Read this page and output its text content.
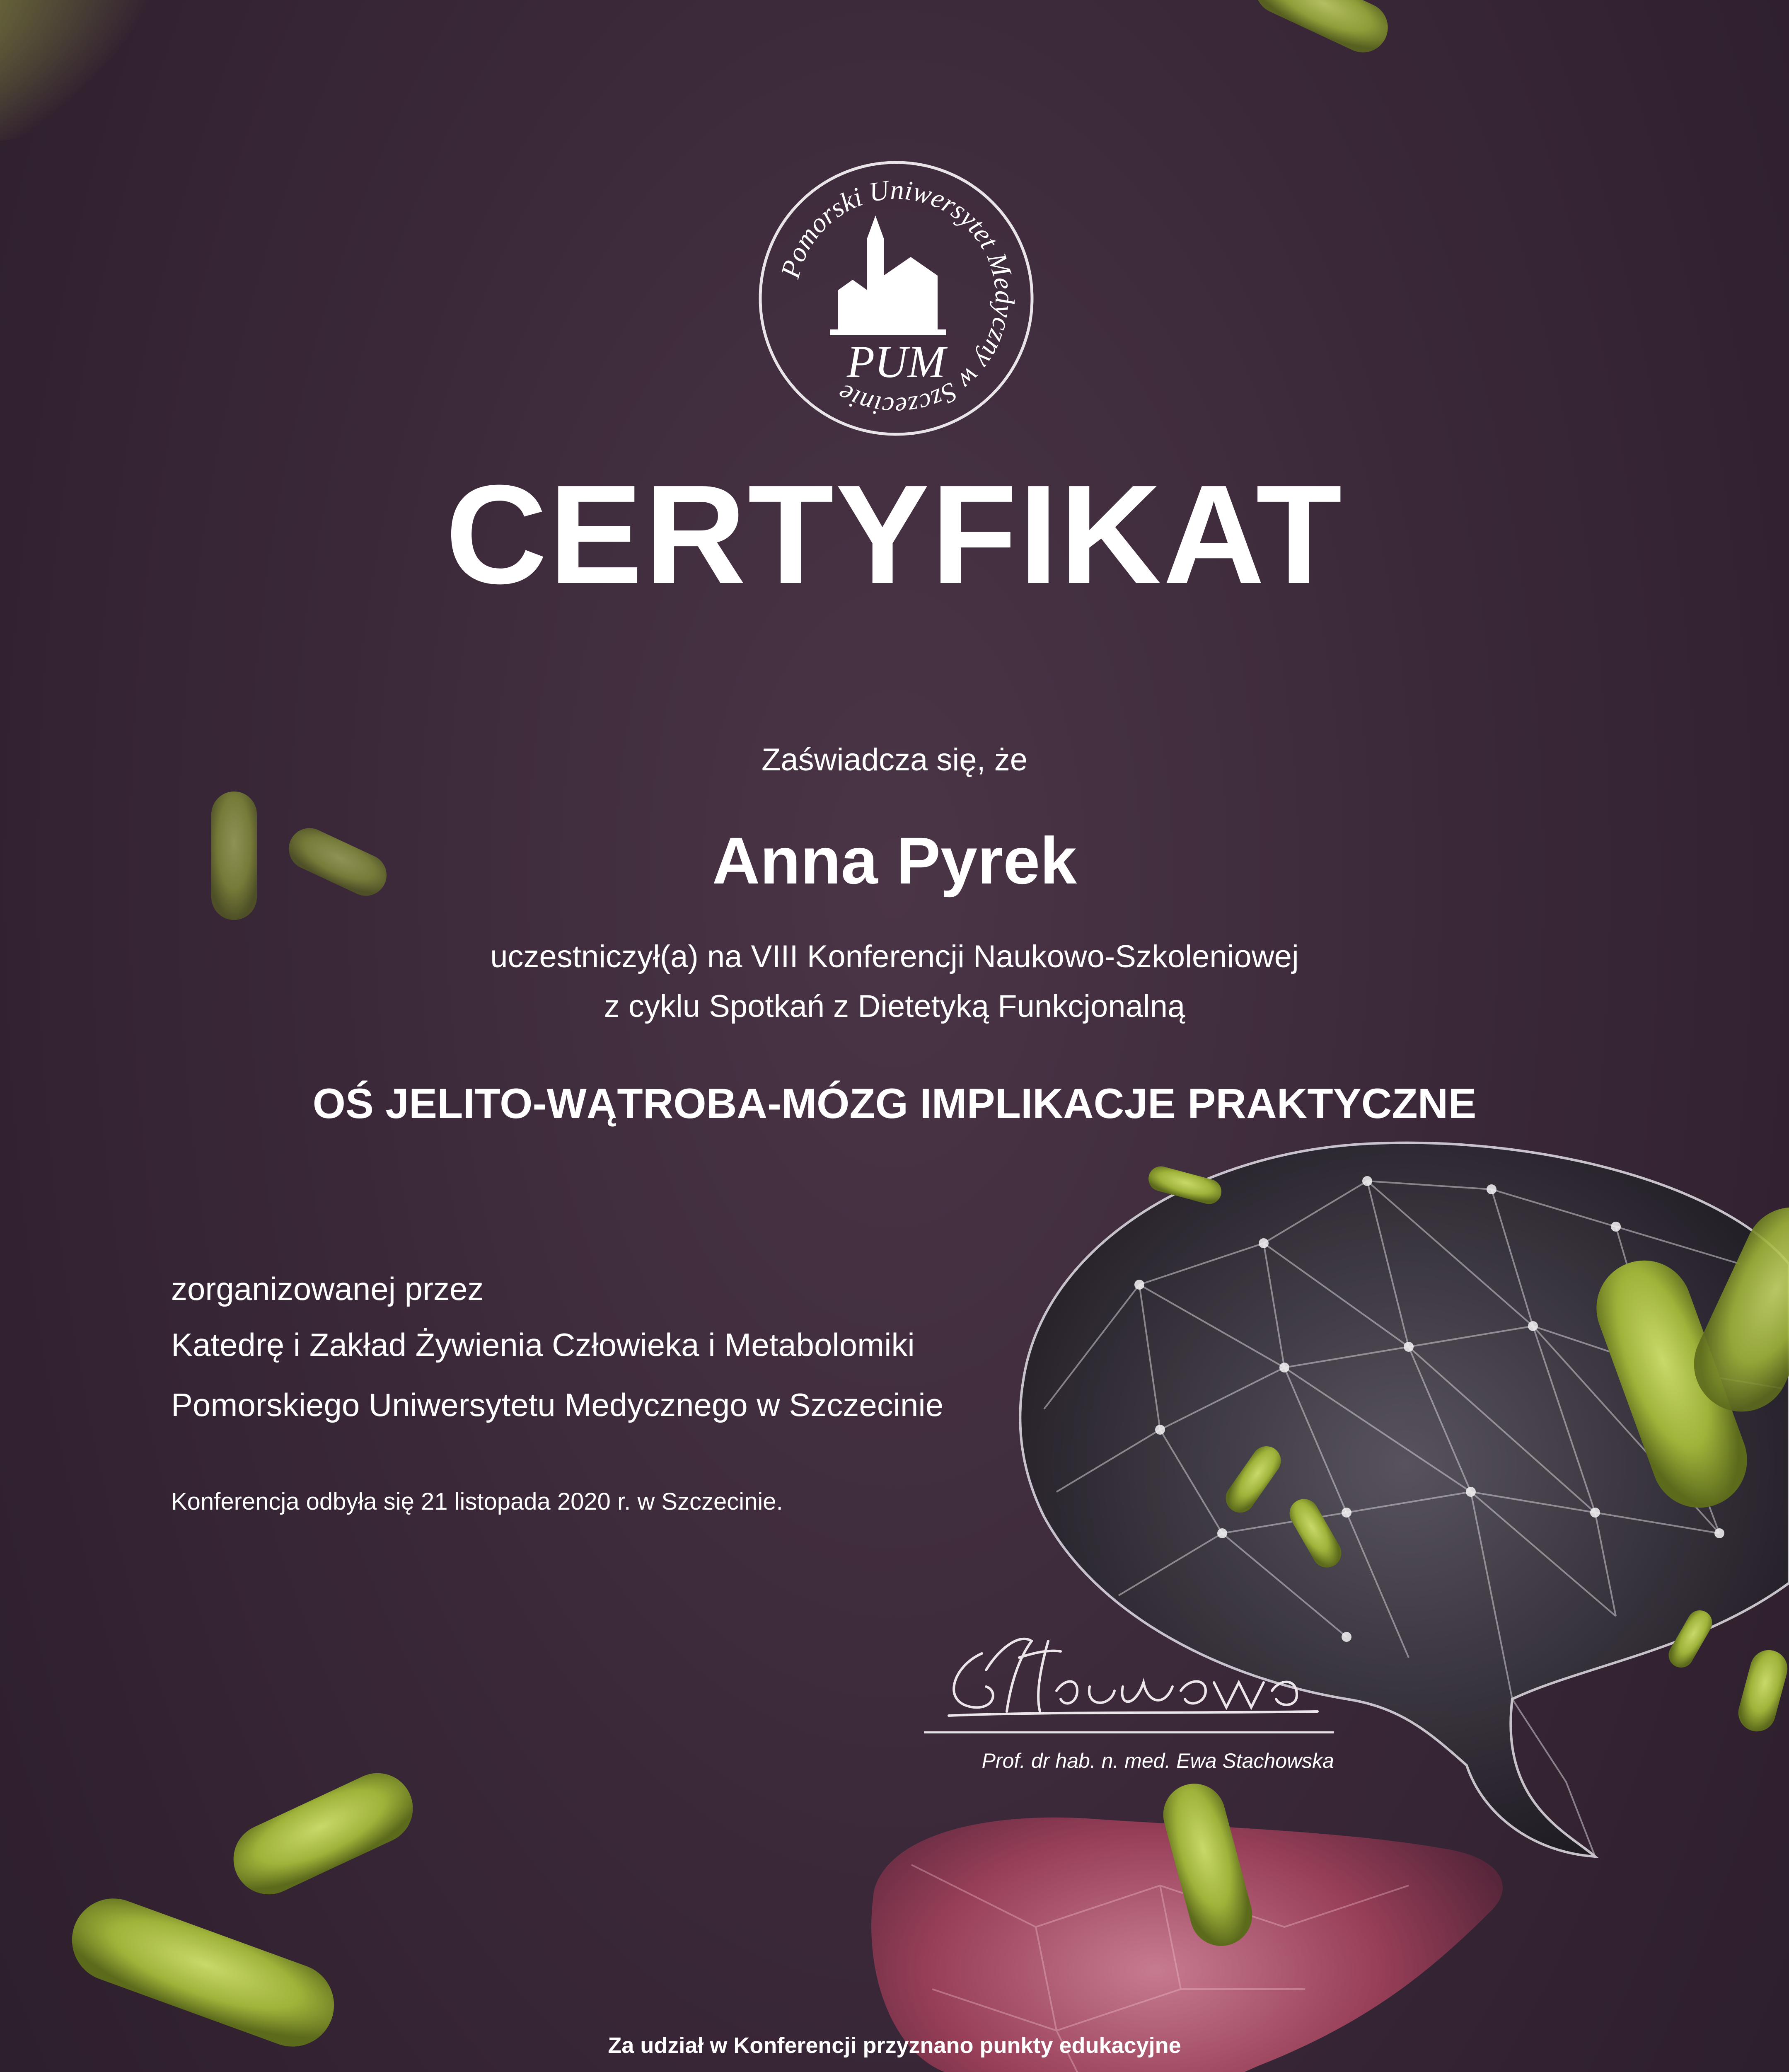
Pomorski Uniwersytet Medyczny w Szczecinie
PUM
CERTYFIKAT
Zaświadcza się, że
Anna Pyrek
uczestniczył(a) na VIII Konferencji Naukowo-Szkoleniowej
z cyklu Spotkań z Dietetyką Funkcjonalną
OŚ JELITO-WĄTROBA-MÓZG IMPLIKACJE PRAKTYCZNE
zorganizowanej przez
Katedrę i Zakład Żywienia Człowieka i Metabolomiki
Pomorskiego Uniwersytetu Medycznego w Szczecinie
Konferencja odbyła się 21 listopada 2020 r. w Szczecinie.
Prof. dr hab. n. med. Ewa Stachowska
Za udział w Konferencji przyznano punkty edukacyjne
